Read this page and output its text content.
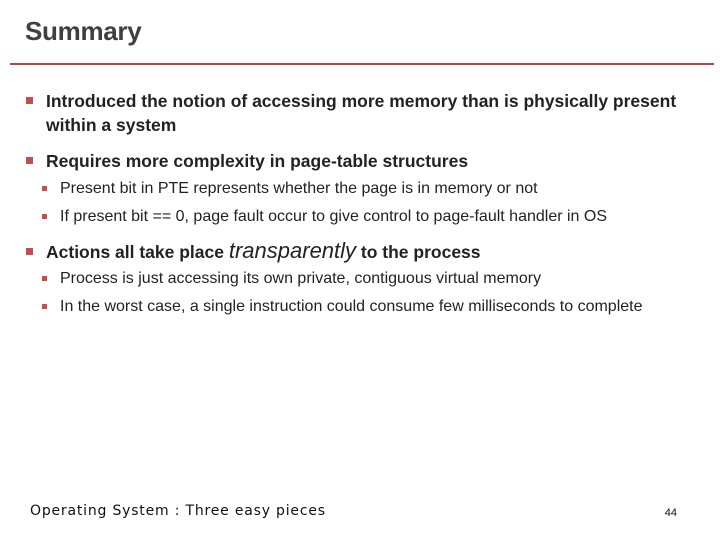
Summary
Introduced the notion of accessing more memory than is physically present within a system
Requires more complexity in page-table structures
Present bit in PTE represents whether the page is in memory or not
If present bit == 0, page fault occur to give control to page-fault handler in OS
Actions all take place transparently to the process
Process is just accessing its own private, contiguous virtual memory
In the worst case, a single instruction could consume few milliseconds to complete
Operating System : Three easy pieces	44
